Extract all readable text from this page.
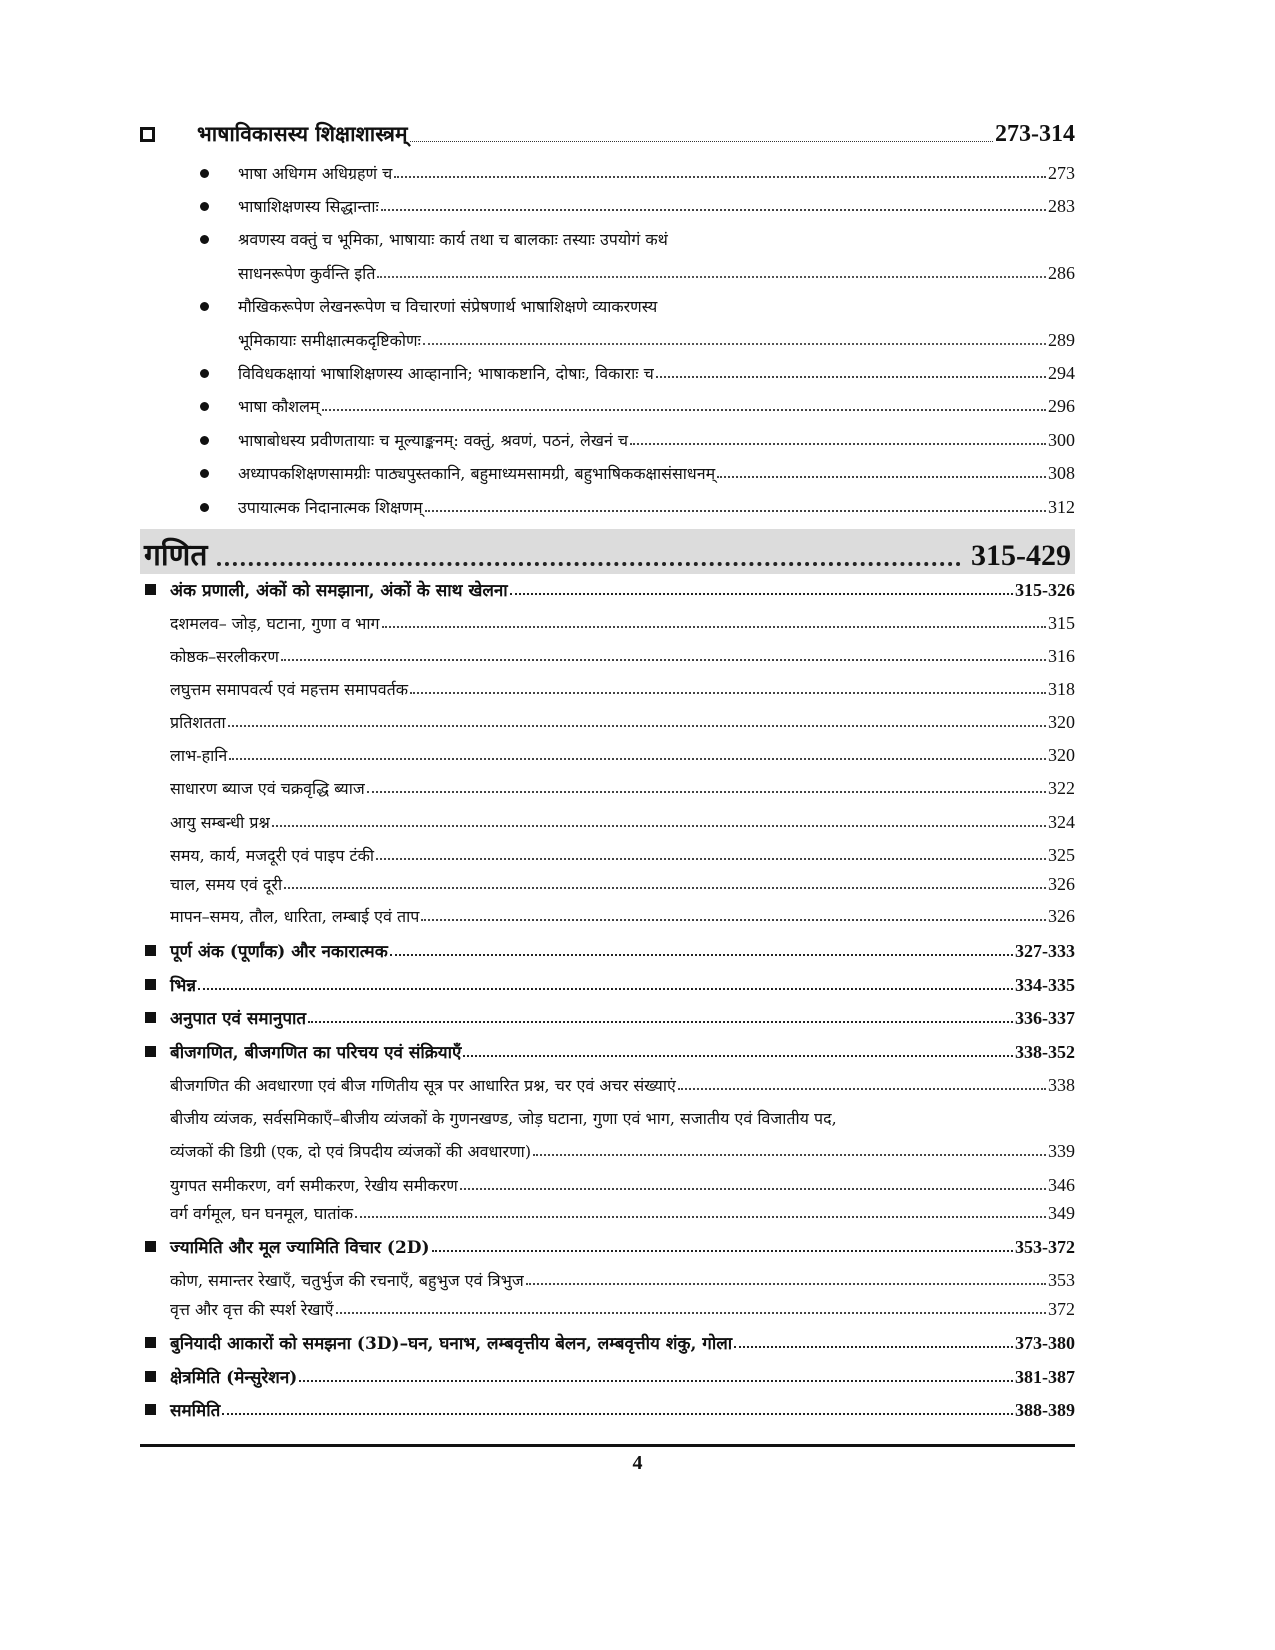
भाषाविकासस्य शिक्षाशास्त्रम्	273-314
भाषा अधिगम अधिग्रहणं च	273
भाषाशिक्षणस्य सिद्धान्ताः	283
श्रवणस्य वक्तुं च भूमिका, भाषायाः कार्य तथा च बालकाः तस्याः उपयोगं कथं
साधनरूपेण कुर्वन्ति इति	286
मौखिकरूपेण लेखनरूपेण च विचारणां संप्रेषणार्थ भाषाशिक्षणे व्याकरणस्य
भूमिकायाः समीक्षात्मकदृष्टिकोणः	289
विविधकक्षायां भाषाशिक्षणस्य आव्हानानि; भाषाकष्टानि, दोषाः, विकाराः च	294
भाषा कौशलम्	296
भाषाबोधस्य प्रवीणतायाः च मूल्याङ्कनम्: वक्तुं, श्रवणं, पठनं, लेखनं च	300
अध्यापकशिक्षणसामग्रीः पाठ्यपुस्तकानि, बहुमाध्यमसामग्री, बहुभाषिककक्षासंसाधनम्	308
उपायात्मक निदानात्मक शिक्षणम्	312
गणित	315-429
अंक प्रणाली, अंकों को समझाना, अंकों के साथ खेलना	315-326
दशमलव– जोड़, घटाना, गुणा व भाग	315
कोष्ठक–सरलीकरण	316
लघुत्तम समापवर्त्य एवं महत्तम समापवर्तक	318
प्रतिशतता	320
लाभ-हानि	320
साधारण ब्याज एवं चक्रवृद्धि ब्याज	322
आयु सम्बन्धी प्रश्न	324
समय, कार्य, मजदूरी एवं पाइप टंकी	325
चाल, समय एवं दूरी	326
मापन–समय, तौल, धारिता, लम्बाई एवं ताप	326
पूर्ण अंक (पूर्णांक) और नकारात्मक	327-333
भिन्न	334-335
अनुपात एवं समानुपात	336-337
बीजगणित, बीजगणित का परिचय एवं संक्रियाएँ	338-352
बीजगणित की अवधारणा एवं बीज गणितीय सूत्र पर आधारित प्रश्न, चर एवं अचर संख्याएं	338
बीजीय व्यंजक, सर्वसमिकाएँ–बीजीय व्यंजकों के गुणनखण्ड, जोड़ घटाना, गुणा एवं भाग, सजातीय एवं विजातीय पद,
व्यंजकों की डिग्री (एक, दो एवं त्रिपदीय व्यंजकों की अवधारणा)	339
युगपत समीकरण, वर्ग समीकरण, रेखीय समीकरण	346
वर्ग वर्गमूल, घन घनमूल, घातांक	349
ज्यामिति और मूल ज्यामिति विचार (2D)	353-372
कोण, समान्तर रेखाएँ, चतुर्भुज की रचनाएँ, बहुभुज एवं त्रिभुज	353
वृत्त और वृत्त की स्पर्श रेखाएँ	372
बुनियादी आकारों को समझना (3D)–घन, घनाभ, लम्बवृत्तीय बेलन, लम्बवृत्तीय शंकु, गोला	373-380
क्षेत्रमिति (मेन्सुरेशन)	381-387
सममिति	388-389
4
